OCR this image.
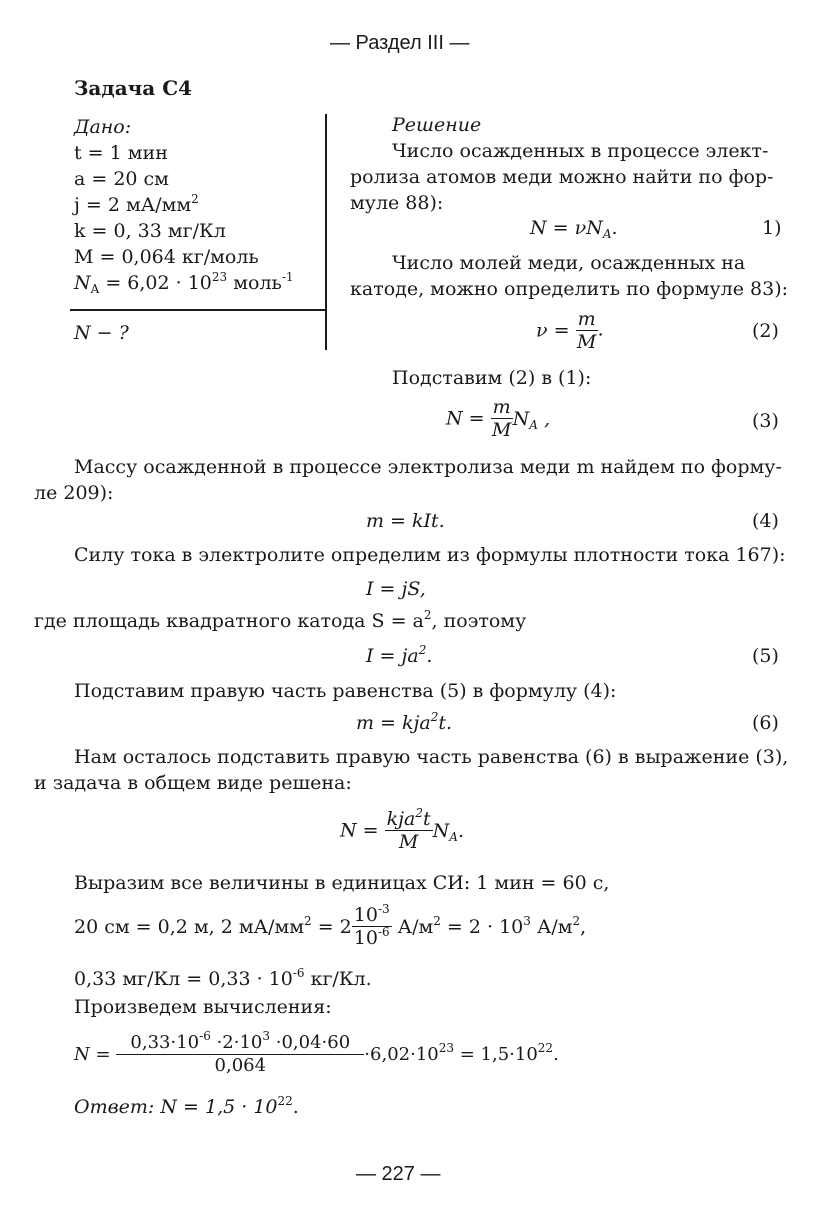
— Раздел III —
Задача С4
Дано:
t = 1 мин
a = 20 см
j = 2 $мА/мм^2$
k = 0, 33 мг/Кл
M = 0,064 кг/моль
$N_A = 6,02 \cdot 10^{23}$ моль$^{-1}$
N − ?
Решение
Число осажденных в процессе элект-
ролиза атомов меди можно найти по фор-
муле 88):
$N = \nu N_A$.	1)
Число молей меди, осажденных на
катоде, можно определить по формуле 83):
$\nu = \frac{m}{M}$ .	(2)
Подставим (2) в (1):
$N = \frac{m}{M} N_A$ ,	(3)
Массу осажденной в процессе электролиза меди m найдем по форму-
ле 209):
m = kIt.	(4)
Силу тока в электролите определим из формулы плотности тока 167):
I = jS,
где площадь квадратного катода $S = a^2$, поэтому
$I = ja^2$.	(5)
Подставим правую часть равенства (5) в формулу (4):
m = kja$^2$t.	(6)
Нам осталось подставить правую часть равенства (6) в выражение (3),
и задача в общем виде решена:
$N = \frac{kja^2t}{M} N_A$.
Выразим все величины в единицах СИ: 1 мин = 60 с,
20 см = 0,2 м, 2 $мА/мм^2 = 2 \frac{10^{-3}}{10^{-6}} А/м^2 = 2 \cdot 10^3$ $А/м^2$,
0,33 $мг/Кл = 0,33 \cdot 10^{-6}$ кг/Кл.
Произведем вычисления:
$N = \frac{0,33\cdot 10^{-6} \cdot 2\cdot 10^3 \cdot 0,04\cdot 60}{0,064} \cdot 6,02\cdot 10^{23} = 1,5\cdot 10^{22}$.
Ответ: $N = 1,5 \cdot 10^{22}$.
— 227 —
